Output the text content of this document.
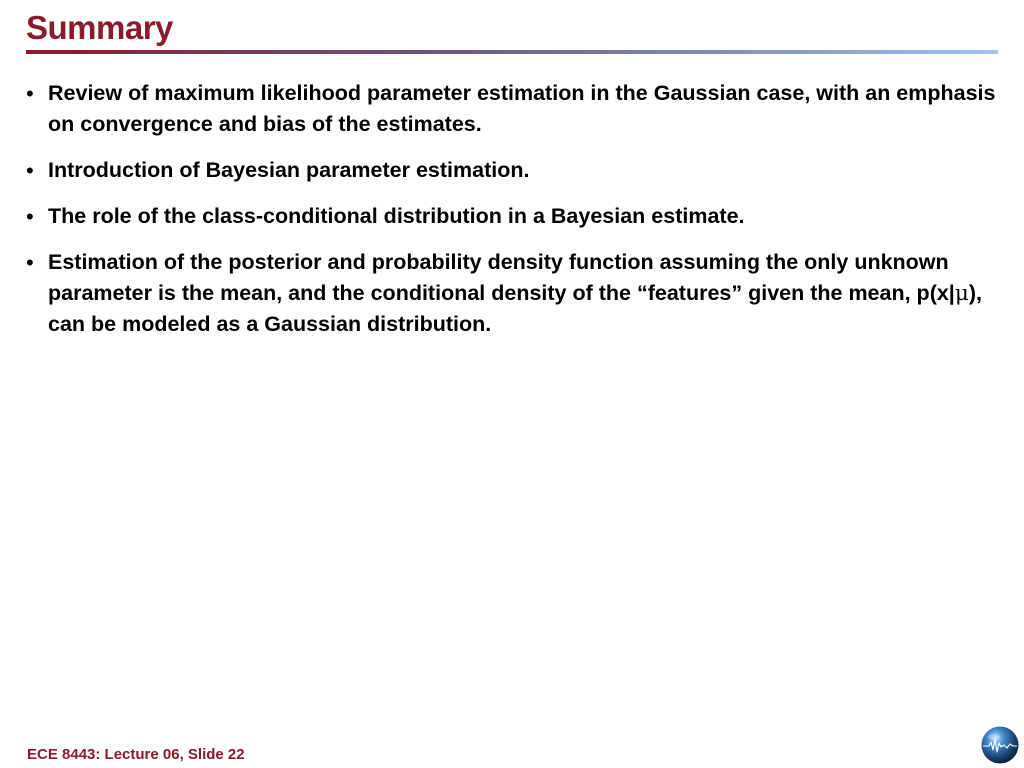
Summary
• Review of maximum likelihood parameter estimation in the Gaussian case, with an emphasis on convergence and bias of the estimates.
• Introduction of Bayesian parameter estimation.
• The role of the class-conditional distribution in a Bayesian estimate.
• Estimation of the posterior and probability density function assuming the only unknown parameter is the mean, and the conditional density of the “features” given the mean, p(x|μ), can be modeled as a Gaussian distribution.
ECE 8443: Lecture 06, Slide 22
